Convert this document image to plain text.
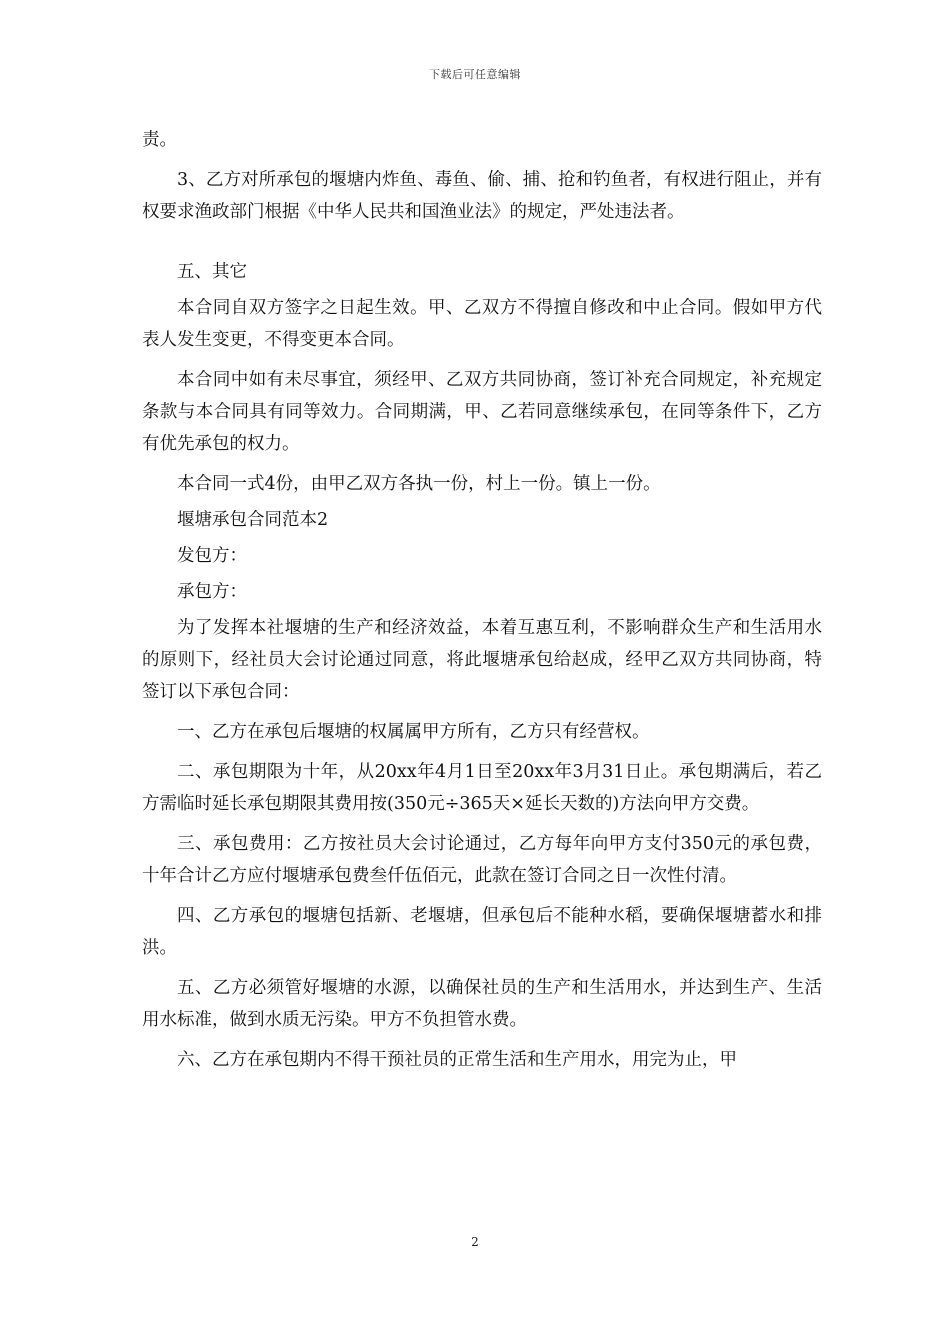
下载后可任意编辑

责。

3、乙方对所承包的堰塘内炸鱼、毒鱼、偷、捕、抢和钓鱼者，有权进行阻止，并有权要求渔政部门根据《中华人民共和国渔业法》的规定，严处违法者。

五、其它

本合同自双方签字之日起生效。甲、乙双方不得擅自修改和中止合同。假如甲方代表人发生变更，不得变更本合同。

本合同中如有未尽事宜，须经甲、乙双方共同协商，签订补充合同规定，补充规定条款与本合同具有同等效力。合同期满，甲、乙若同意继续承包，在同等条件下，乙方有优先承包的权力。

本合同一式4份，由甲乙双方各执一份，村上一份。镇上一份。

堰塘承包合同范本2

发包方：

承包方：

为了发挥本社堰塘的生产和经济效益，本着互惠互利，不影响群众生产和生活用水的原则下，经社员大会讨论通过同意，将此堰塘承包给赵成，经甲乙双方共同协商，特签订以下承包合同：

一、乙方在承包后堰塘的权属属甲方所有，乙方只有经营权。

二、承包期限为十年，从20xx年4月1日至20xx年3月31日止。承包期满后，若乙方需临时延长承包期限其费用按(350元÷365天×延长天数的)方法向甲方交费。

三、承包费用：乙方按社员大会讨论通过，乙方每年向甲方支付350元的承包费，十年合计乙方应付堰塘承包费叁仟伍佰元，此款在签订合同之日一次性付清。

四、乙方承包的堰塘包括新、老堰塘，但承包后不能种水稻，要确保堰塘蓄水和排洪。

五、乙方必须管好堰塘的水源，以确保社员的生产和生活用水，并达到生产、生活用水标准，做到水质无污染。甲方不负担管水费。

六、乙方在承包期内不得干预社员的正常生活和生产用水，用完为止，甲

2
